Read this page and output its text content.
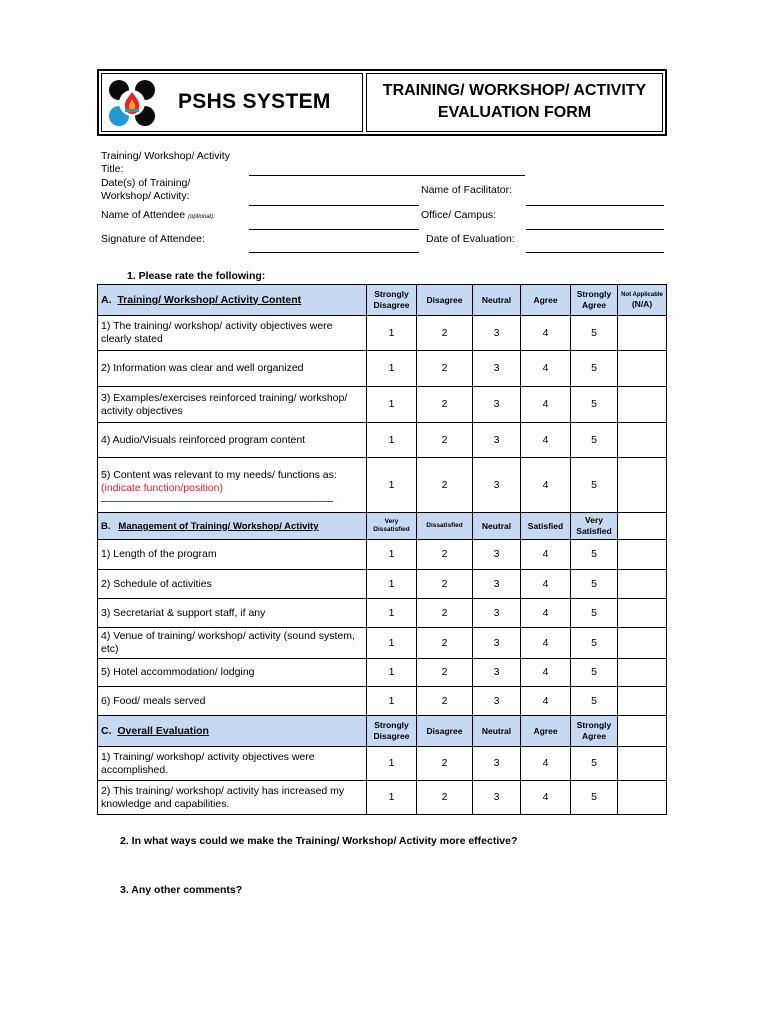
PSHS SYSTEM	TRAINING/ WORKSHOP/ ACTIVITY
EVALUATION FORM
Training/ Workshop/ Activity
Title:
Date(s) of Training/
Workshop/ Activity:	Name of Facilitator:
Name of Attendee (optional):	Office/ Campus:
Signature of Attendee:	Date of Evaluation:
1. Please rate the following:
A. Training/ Workshop/ Activity Content	Strongly Disagree	Disagree	Neutral	Agree	Strongly Agree	Not Applicable
(N/A)

1) The training/ workshop/ activity objectives were clearly stated	1	2	3	4	5	
2) Information was clear and well organized	1	2	3	4	5	
3) Examples/exercises reinforced training/ workshop/ activity objectives	1	2	3	4	5	
4) Audio/Visuals reinforced program content	1	2	3	4	5	

5) Content was relevant to my needs/ functions as:
(indicate function/position)	1	2	3	4	5	
B. Management of Training/ Workshop/ Activity	Very Dissatisfied	Dissatisfied	Neutral	Satisfied	Very Satisfied	
1) Length of the program	1	2	3	4	5	
2) Schedule of activities	1	2	3	4	5	
3) Secretariat & support staff, if any	1	2	3	4	5	
4) Venue of training/ workshop/ activity (sound system, etc)	1	2	3	4	5	
5) Hotel accommodation/ lodging	1	2	3	4	5	
6) Food/ meals served	1	2	3	4	5	
C. Overall Evaluation	Strongly Disagree	Disagree	Neutral	Agree	Strongly Agree	
1) Training/ workshop/ activity objectives were accomplished.	1	2	3	4	5	
2) This training/ workshop/ activity has increased my knowledge and capabilities.	1	2	3	4	5	
2. In what ways could we make the Training/ Workshop/ Activity more effective?
3. Any other comments?
